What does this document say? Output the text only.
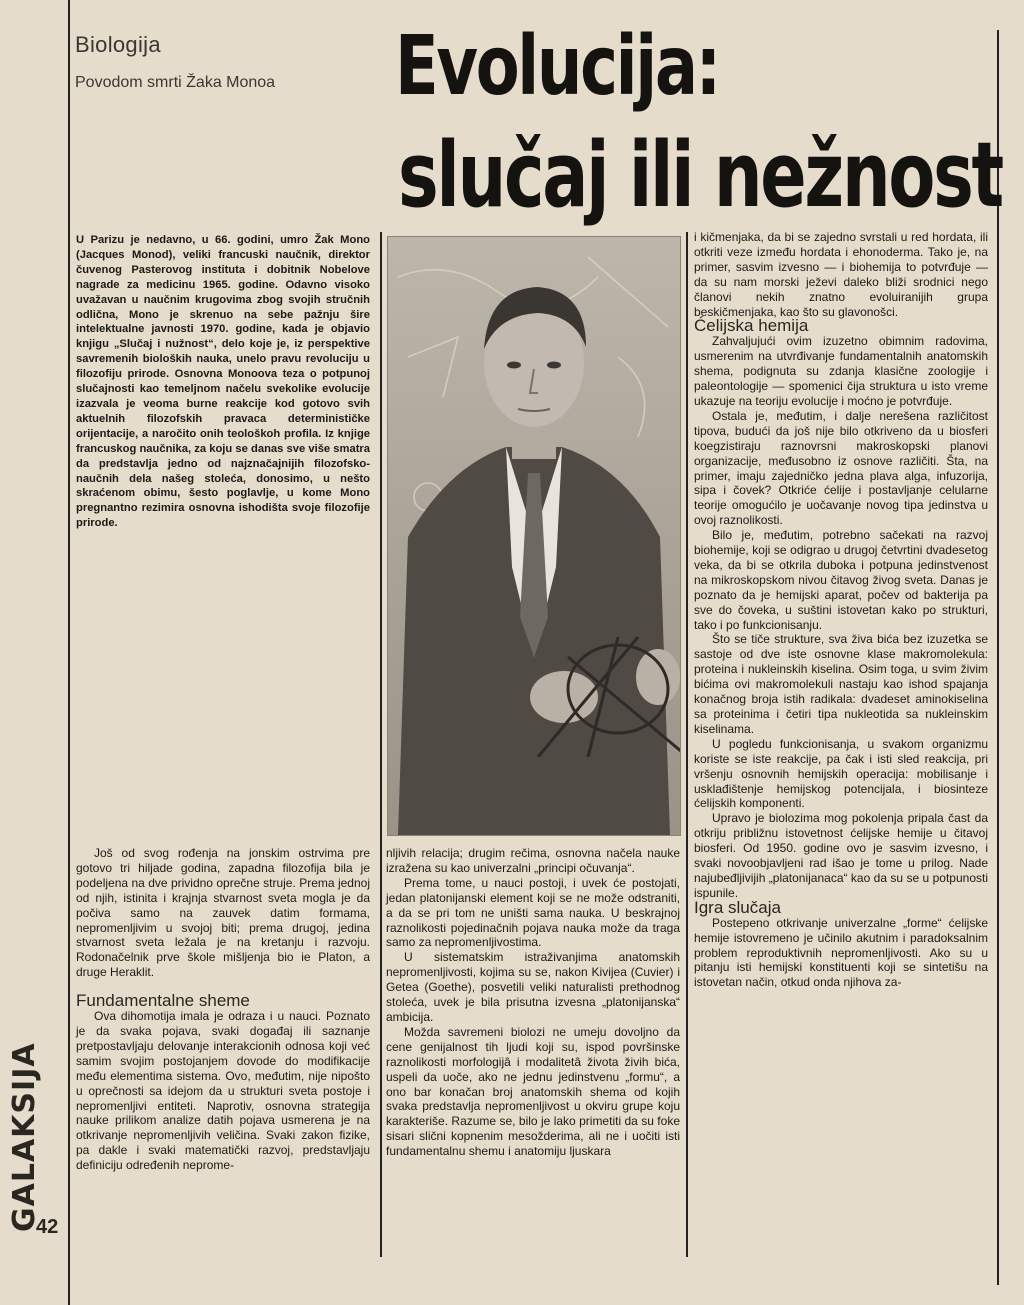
Biologija
Povodom smrti Žaka Monoa Evolucija:
slučaj ili nežnost

U Parizu je nedavno, u 66. godini, umro Žak Mono (Jacques Monod), veliki francuski naučnik, direktor čuvenog Pasterovog instituta i dobitnik Nobelove nagrade za medicinu 1965. godine. Odavno visoko uvažavan u naučnim krugovima zbog svojih stručnih odlična, Mono je skrenuo na sebe pažnju šire intelektualne javnosti 1970. godine, kada je objavio knjigu „Slučaj i nužnost“, delo koje je, iz perspektive savremenih bioloških nauka, unelo pravu revoluciju u filozofiju prirode. Osnovna Monoova teza o potpunoj slučajnosti kao temeljnom načelu svekolike evolucije izazvala je veoma burne reakcije kod gotovo svih aktuelnih filozofskih pravaca determinističke orijentacije, a naročito onih teološkoh profila. Iz knjige francuskog naučnika, za koju se danas sve više smatra da predstavlja jedno od najznačajnijih filozofsko-naučnih dela našeg stoleća, donosimo, u nešto skraćenom obimu, šesto poglavlje, u kome Mono pregnantno rezimira osnovna ishodišta svoje filozofije prirode.

Još od svog rođenja na jonskim ostrvima pre gotovo tri hiljade godina, zapadna filozofija bila je podeljena na dve prividno oprečne struje. Prema jednoj od njih, istinita i krajnja stvarnost sveta mogla je da počiva samo na zauvek datim formama, nepromenljivim u svojoj biti; prema drugoj, jedina stvarnost sveta ležala je na kretanju i razvoju. Rodonačelnik prve škole mišljenja bio ie Platon, a druge Heraklit.

Fundamentalne sheme

Ova dihomotija imala je odraza i u nauci. Poznato je da svaka pojava, svaki događaj ili saznanje pretpostavljaju delovanje interakcionih odnosa koji već samim svojim postojanjem dovode do modifikacije među elementima sistema. Ovo, međutim, nije nipošto u oprečnosti sa idejom da u strukturi sveta postoje i nepromenljivi entiteti. Naprotiv, osnovna strategija nauke prilikom analize datih pojava usmerena je na otkrivanje nepromenljivih veličina. Svaki zakon fizike, pa dakle i svaki matematički razvoj, predstavljaju definiciju određenih neprome-

nljivih relacija; drugim rečima, osnovna načela nauke izražena su kao univerzalni „principi očuvanja“.

Prema tome, u nauci postoji, i uvek će postojati, jedan platonijanski element koji se ne može odstraniti, a da se pri tom ne uništi sama nauka. U beskrajnoj raznolikosti pojedinačnih pojava nauka može da traga samo za nepromenljivostima.

U sistematskim istraživanjima anatomskih nepromenljivosti, kojima su se, nakon Kivijea (Cuvier) i Getea (Goethe), posvetili veliki naturalisti prethodnog stoleća, uvek je bila prisutna izvesna „platonijanska“ ambicija.

Možda savremeni biolozi ne umeju dovoljno da cene genijalnost tih ljudi koji su, ispod površinske raznolikosti morfologijâ i modalitetâ života živih bića, uspeli da uoče, ako ne jednu jedinstvenu „formu“, a ono bar konačan broj anatomskih shema od kojih svaka predstavlja nepromenljivost u okviru grupe koju karakteriše. Razume se, bilo je lako primetiti da su foke sisari slični kopnenim mesožderima, ali ne i uočiti isti fundamentalnu shemu i anatomiju ljuskara

i kičmenjaka, da bi se zajedno svrstali u red hordata, ili otkriti veze između hordata i ehonoderma. Tako je, na primer, sasvim izvesno — i biohemija to potvrđuje — da su nam morski ježevi daleko bliži srodnici nego članovi nekih znatno evoluiranijih grupa beskičmenjaka, kao što su glavonošci.

Ćelijska hemija

Zahvaljujući ovim izuzetno obimnim radovima, usmerenim na utvrđivanje fundamentalnih anatomskih shema, podignuta su zdanja klasične zoologije i paleontologije — spomenici čija struktura u isto vreme ukazuje na teoriju evolucije i moćno je potvrđuje.

Ostala je, međutim, i dalje nerešena različitost tipova, budući da još nije bilo otkriveno da u biosferi koegzistiraju raznovrsni makroskopski planovi organizacije, međusobno iz osnove različiti. Šta, na primer, imaju zajedničko jedna plava alga, infuzorija, sipa i čovek? Otkriće ćelije i postavljanje celularne teorije omogućilo je uočavanje novog tipa jedinstva u ovoj raznolikosti.

Bilo je, međutim, potrebno sačekati na razvoj biohemije, koji se odigrao u drugoj četvrtini dvadesetog veka, da bi se otkrila duboka i potpuna jedinstvenost na mikroskopskom nivou čitavog živog sveta. Danas je poznato da je hemijski aparat, počev od bakterija pa sve do čoveka, u suštini istovetan kako po strukturi, tako i po funkcionisanju.

Što se tiče strukture, sva živa bića bez izuzetka se sastoje od dve iste osnovne klase makromolekula: proteina i nukleinskih kiselina. Osim toga, u svim živim bićima ovi makromolekuli nastaju kao ishod spajanja konačnog broja istih radikala: dvadeset aminokiselina sa proteinima i četiri tipa nukleotida sa nukleinskim kiselinama.

U pogledu funkcionisanja, u svakom organizmu koriste se iste reakcije, pa čak i isti sled reakcija, pri vršenju osnovnih hemijskih operacija: mobilisanje i usklađištenje hemijskog potencijala, i biosinteze ćelijskih komponenti.

Upravo je biolozima mog pokolenja pripala čast da otkriju približnu istovetnost ćelijske hemije u čitavoj biosferi. Od 1950. godine ovo je sasvim izvesno, i svaki novoobjavljeni rad išao je tome u prilog. Nade najubeđljivijih „platonijanaca“ kao da su se u potpunosti ispunile.

Igra slučaja

Postepeno otkrivanje univerzalne „forme“ ćelijske hemije istovremeno je učinilo akutnim i paradoksalnim problem reproduktivnih nepromenljivosti. Ako su u pitanju isti hemijski konstituenti koji se sintetišu na istovetan način, otkud onda njihova za-

GALAKSIJA
42
